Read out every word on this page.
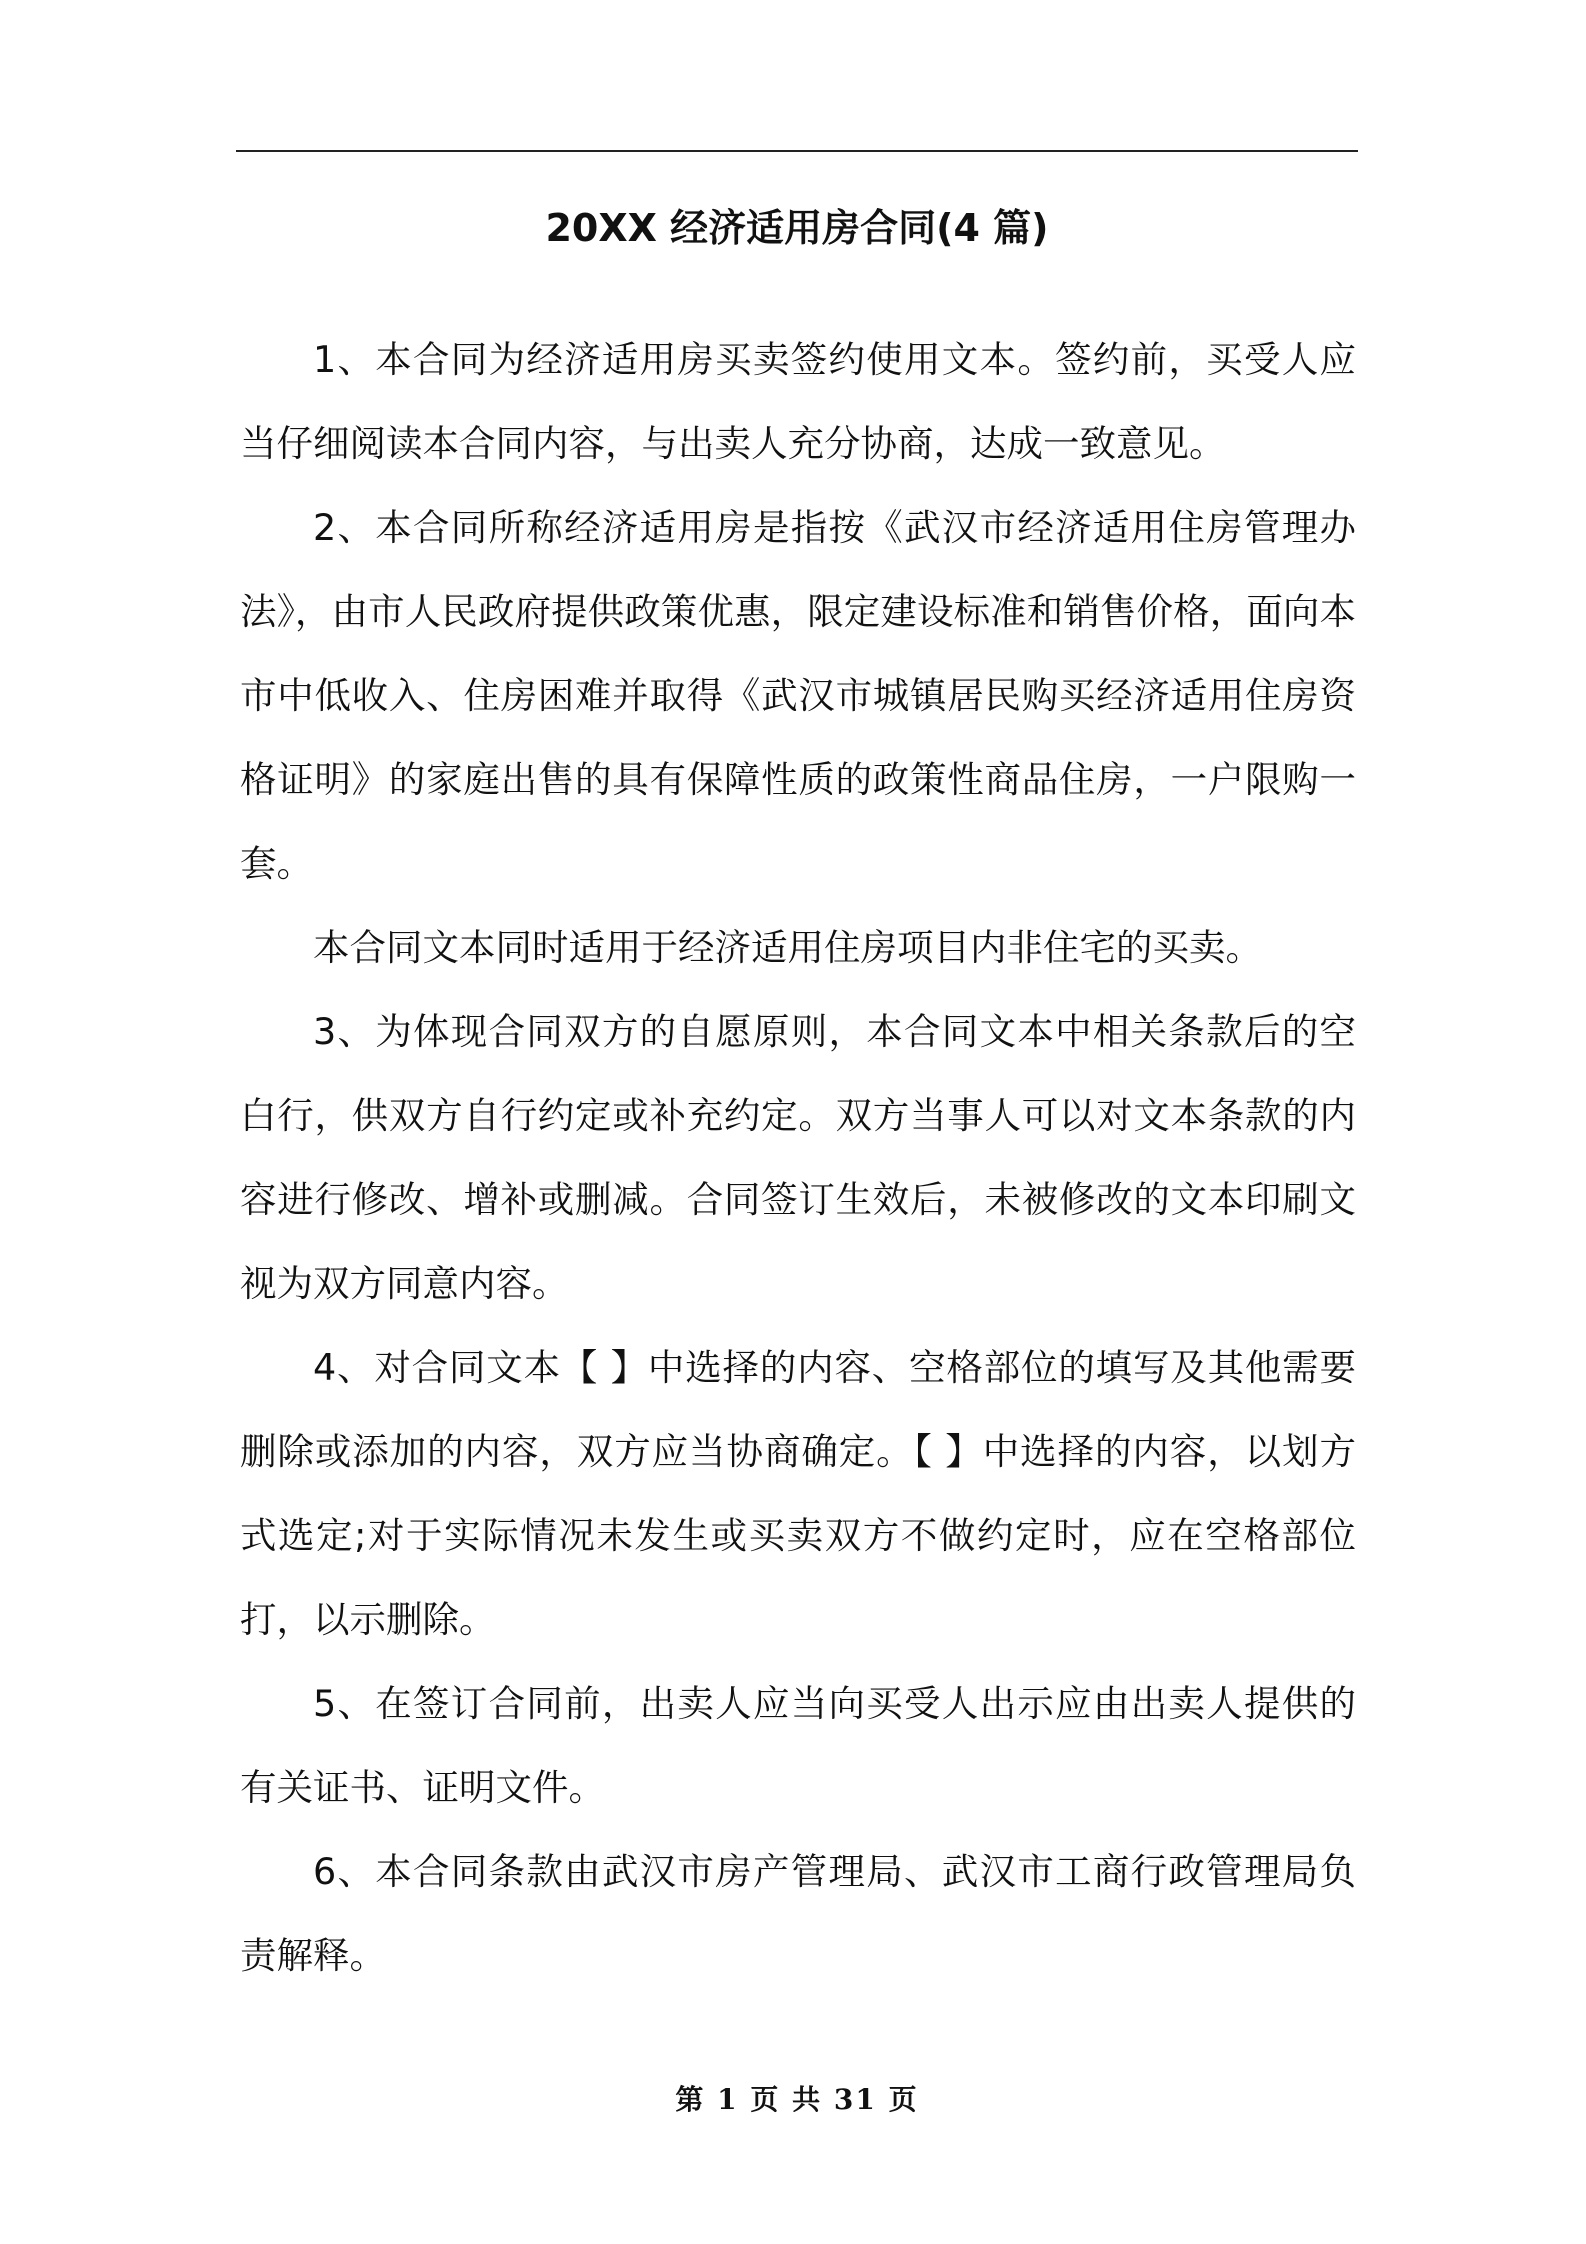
20XX 经济适用房合同(4 篇)

1、本合同为经济适用房买卖签约使用文本。签约前，买受人应当仔细阅读本合同内容，与出卖人充分协商，达成一致意见。

2、本合同所称经济适用房是指按《武汉市经济适用住房管理办法》，由市人民政府提供政策优惠，限定建设标准和销售价格，面向本市中低收入、住房困难并取得《武汉市城镇居民购买经济适用住房资格证明》的家庭出售的具有保障性质的政策性商品住房，一户限购一套。

本合同文本同时适用于经济适用住房项目内非住宅的买卖。

3、为体现合同双方的自愿原则，本合同文本中相关条款后的空白行，供双方自行约定或补充约定。双方当事人可以对文本条款的内容进行修改、增补或删减。合同签订生效后，未被修改的文本印刷文视为双方同意内容。

4、对合同文本【 】中选择的内容、空格部位的填写及其他需要删除或添加的内容，双方应当协商确定。【 】中选择的内容，以划方式选定;对于实际情况未发生或买卖双方不做约定时，应在空格部位打，以示删除。

5、在签订合同前，出卖人应当向买受人出示应由出卖人提供的有关证书、证明文件。

6、本合同条款由武汉市房产管理局、武汉市工商行政管理局负责解释。

第 1 页 共 31 页
